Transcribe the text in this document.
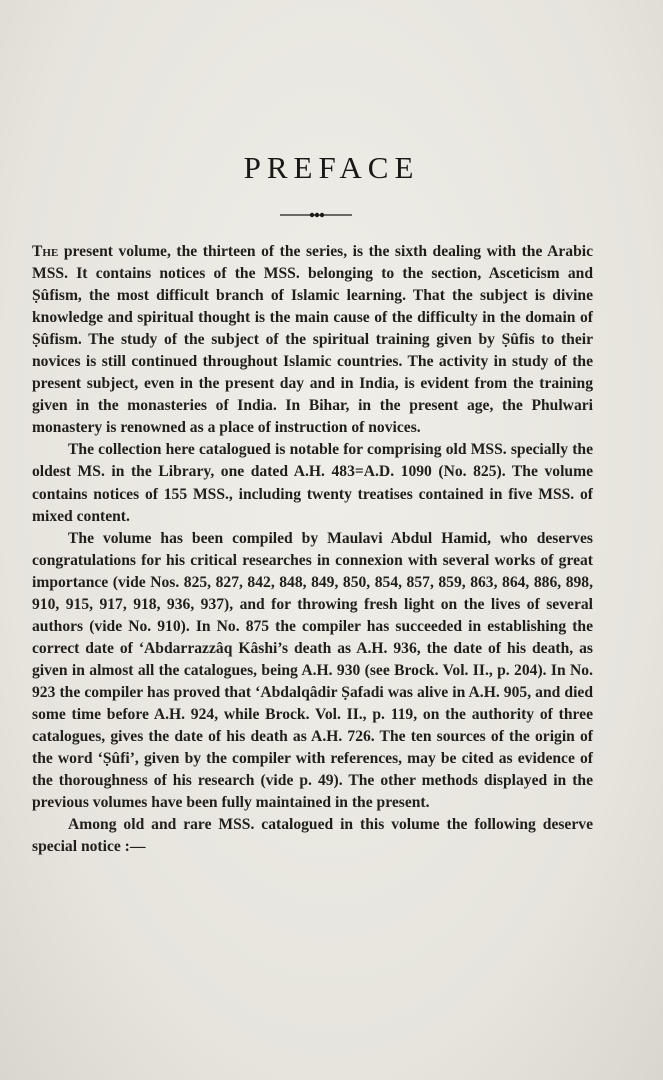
PREFACE

The present volume, the thirteen of the series, is the sixth dealing with the Arabic MSS. It contains notices of the MSS. belonging to the section, Asceticism and Ṣûfism, the most difficult branch of Islamic learning. That the subject is divine knowledge and spiritual thought is the main cause of the difficulty in the domain of Ṣûfism. The study of the subject of the spiritual training given by Ṣûfis to their novices is still continued throughout Islamic countries. The activity in study of the present subject, even in the present day and in India, is evident from the training given in the monasteries of India. In Bihar, in the present age, the Phulwari monastery is renowned as a place of instruction of novices.

The collection here catalogued is notable for comprising old MSS. specially the oldest MS. in the Library, one dated A.H. 483=A.D. 1090 (No. 825). The volume contains notices of 155 MSS., including twenty treatises contained in five MSS. of mixed content.

The volume has been compiled by Maulavi Abdul Hamid, who deserves congratulations for his critical researches in connexion with several works of great importance (vide Nos. 825, 827, 842, 848, 849, 850, 854, 857, 859, 863, 864, 886, 898, 910, 915, 917, 918, 936, 937), and for throwing fresh light on the lives of several authors (vide No. 910). In No. 875 the compiler has succeeded in establishing the correct date of ‘Abdarrazzâq Kâshi’s death as A.H. 936, the date of his death, as given in almost all the catalogues, being A.H. 930 (see Brock. Vol. II., p. 204). In No. 923 the compiler has proved that ‘Abdalqâdir Ṣafadi was alive in A.H. 905, and died some time before A.H. 924, while Brock. Vol. II., p. 119, on the authority of three catalogues, gives the date of his death as A.H. 726. The ten sources of the origin of the word ‘Ṣûfi’, given by the compiler with references, may be cited as evidence of the thoroughness of his research (vide p. 49). The other methods displayed in the previous volumes have been fully maintained in the present.

Among old and rare MSS. catalogued in this volume the following deserve special notice :—
